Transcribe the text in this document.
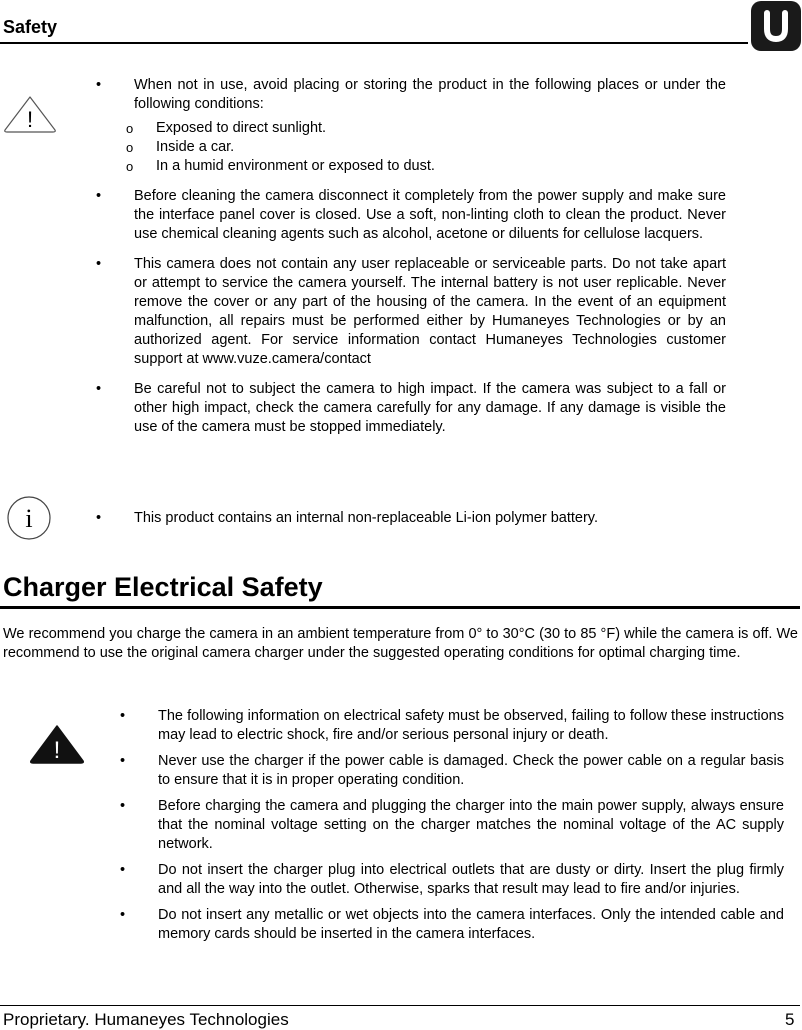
Safety
!
• When not in use, avoid placing or storing the product in the following places or under the following conditions:

o Exposed to direct sunlight.
o Inside a car.
o In a humid environment or exposed to dust.
• Before cleaning the camera disconnect it completely from the power supply and make sure the interface panel cover is closed. Use a soft, non-linting cloth to clean the product. Never use chemical cleaning agents such as alcohol, acetone or diluents for cellulose lacquers.

• This camera does not contain any user replaceable or serviceable parts. Do not take apart or attempt to service the camera yourself. The internal battery is not user replicable. Never remove the cover or any part of the housing of the camera. In the event of an equipment malfunction, all repairs must be performed either by Humaneyes Technologies or by an authorized agent. For service information contact Humaneyes Technologies customer support at www.vuze.camera/contact

• Be careful not to subject the camera to high impact. If the camera was subject to a fall or other high impact, check the camera carefully for any damage. If any damage is visible the use of the camera must be stopped immediately.

i	• This product contains an internal non-replaceable Li-ion polymer battery.

Charger Electrical Safety
We recommend you charge the camera in an ambient temperature from 0° to 30°C (30 to 85 °F) while the camera is off. We recommend to use the original camera charger under the suggested operating conditions for optimal charging time.
!
• The following information on electrical safety must be observed, failing to follow these instructions may lead to electric shock, fire and/or serious personal injury or death.

• Never use the charger if the power cable is damaged. Check the power cable on a regular basis to ensure that it is in proper operating condition.

• Before charging the camera and plugging the charger into the main power supply, always ensure that the nominal voltage setting on the charger matches the nominal voltage of the AC supply network.

• Do not insert the charger plug into electrical outlets that are dusty or dirty. Insert the plug firmly and all the way into the outlet. Otherwise, sparks that result may lead to fire and/or injuries.

• Do not insert any metallic or wet objects into the camera interfaces. Only the intended cable and memory cards should be inserted in the camera interfaces.

Proprietary. Humaneyes Technologies	5
